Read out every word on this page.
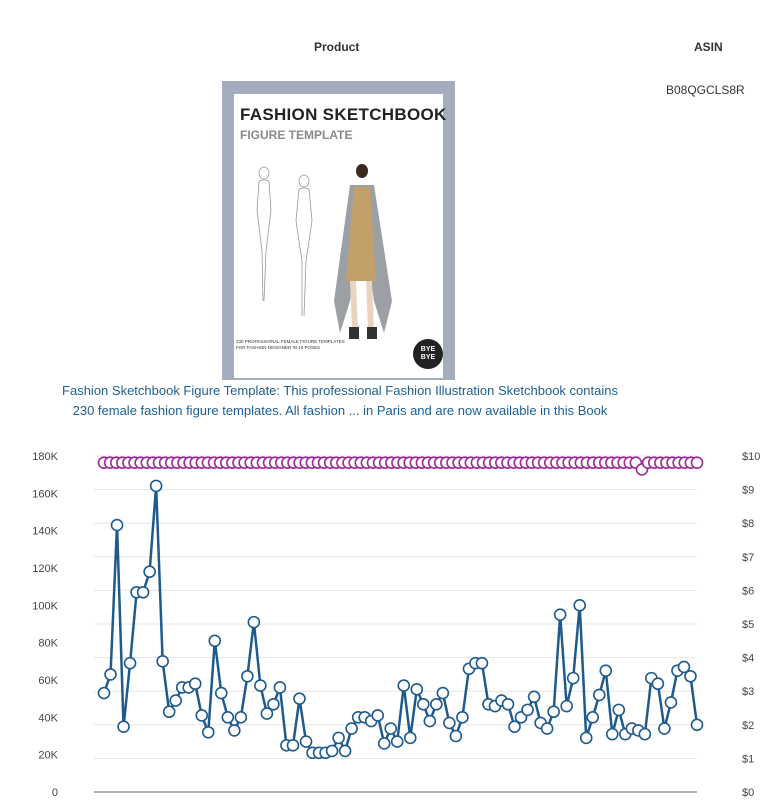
ASIN
Product
B08QGCLS8R
FASHION SKETCHBOOK
FIGURE TEMPLATE
230 PROFESSIONAL FEMALE FIGURE TEMPLATES
FOR FASHION DESIGNER IN 10 POSES	BYE BYE
Fashion Sketchbook Figure Template: This professional Fashion Illustration Sketchbook contains
230 female fashion figure templates. All fashion ... in Paris and are now available in this Book
0
20K
40K
60K
80K
100K
120K
140K
160K
180K
$0
$1
$2
$3
$4
$5
$6
$7
$8
$9
$10
